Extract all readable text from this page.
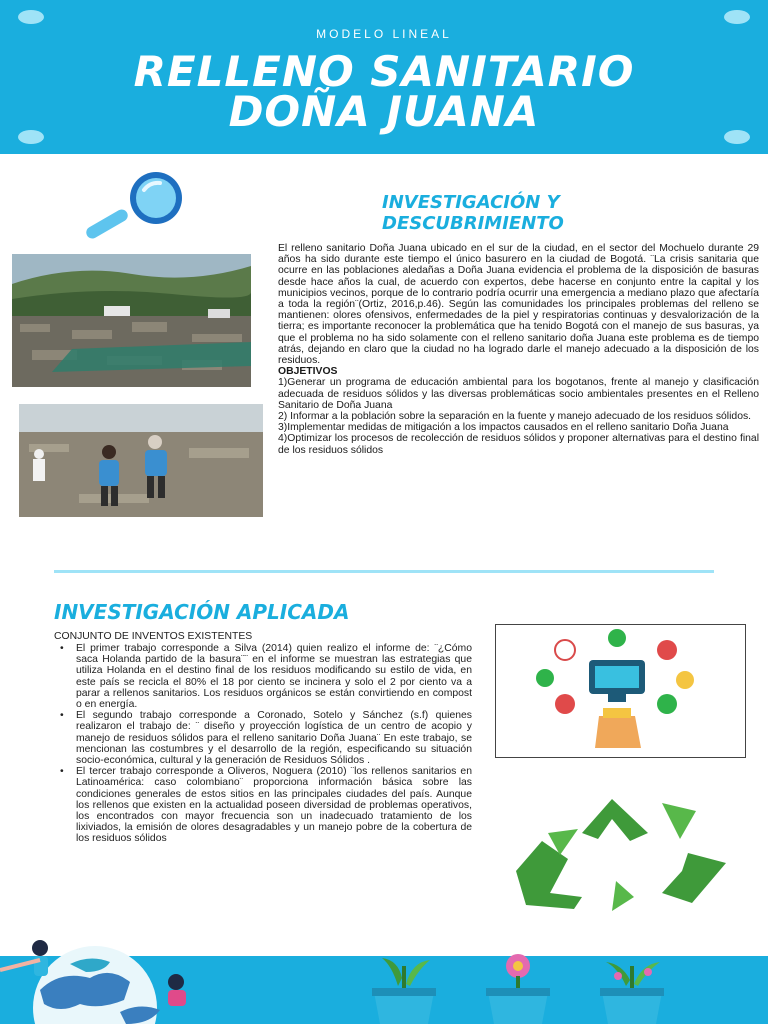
MODELO LINEAL
RELLENO SANITARIO
DOÑA JUANA
INVESTIGACIÓN Y
DESCUBRIMIENTO

El relleno sanitario Doña Juana ubicado en el sur de la ciudad, en el sector del Mochuelo durante 29 años ha sido durante este tiempo el único basurero en la ciudad de Bogotá. ¨La crisis sanitaria que ocurre en las poblaciones aledañas a Doña Juana evidencia el problema de la disposición de basuras desde hace años la cual, de acuerdo con expertos, debe hacerse en conjunto entre la capital y los municipios vecinos, porque de lo contrario podría ocurrir una emergencia a mediano plazo que afectaría a toda la región¨(Ortiz, 2016,p.46). Según las comunidades los principales problemas del relleno se mantienen: olores ofensivos, enfermedades de la piel y respiratorias continuas y desvalorización de la tierra; es importante reconocer la problemática que ha tenido Bogotá con el manejo de sus basuras, ya que el problema no ha sido solamente con el relleno sanitario doña Juana este problema es de tiempo atrás, dejando en claro que la ciudad no ha logrado darle el manejo adecuado a la disposición de los residuos.

OBJETIVOS

1)Generar un programa de educación ambiental para los bogotanos, frente al manejo y clasificación adecuada de residuos sólidos y las diversas problemáticas socio ambientales presentes en el Relleno Sanitario de Doña Juana

2) Informar a la población sobre la separación en la fuente y manejo adecuado de los residuos sólidos.

3)Implementar medidas de mitigación a los impactos causados en el relleno sanitario Doña Juana

4)Optimizar los procesos de recolección de residuos sólidos y proponer alternativas para el destino final de los residuos sólidos

INVESTIGACIÓN APLICADA
CONJUNTO DE INVENTOS EXISTENTES
• El primer trabajo corresponde a Silva (2014) quien realizo el informe de: ¨¿Cómo saca Holanda partido de la basura¨¨ en el informe se muestran las estrategias que utiliza Holanda en el destino final de los residuos modificando su estilo de vida, en este país se recicla el 80% el 18 por ciento se incinera y solo el 2 por ciento va a parar a rellenos sanitarios. Los residuos orgánicos se están convirtiendo en compost o en energía.
• El segundo trabajo corresponde a Coronado, Sotelo y Sánchez (s.f) quienes realizaron el trabajo de: ¨ diseño y proyección logística de un centro de acopio y manejo de residuos sólidos para el relleno sanitario Doña Juana¨ En este trabajo, se mencionan las costumbres y el desarrollo de la región, especificando su situación socio-económica, cultural y la generación de Residuos Sólidos .
• El tercer trabajo corresponde a Oliveros, Noguera (2010) ¨los rellenos sanitarios en Latinoamérica: caso colombiano¨ proporciona información básica sobre las condiciones generales de estos sitios en las principales ciudades del país. Aunque los rellenos que existen en la actualidad poseen diversidad de problemas operativos, los encontrados con mayor frecuencia son un inadecuado tratamiento de los lixiviados, la emisión de olores desagradables y un manejo pobre de la cobertura de los residuos sólidos
